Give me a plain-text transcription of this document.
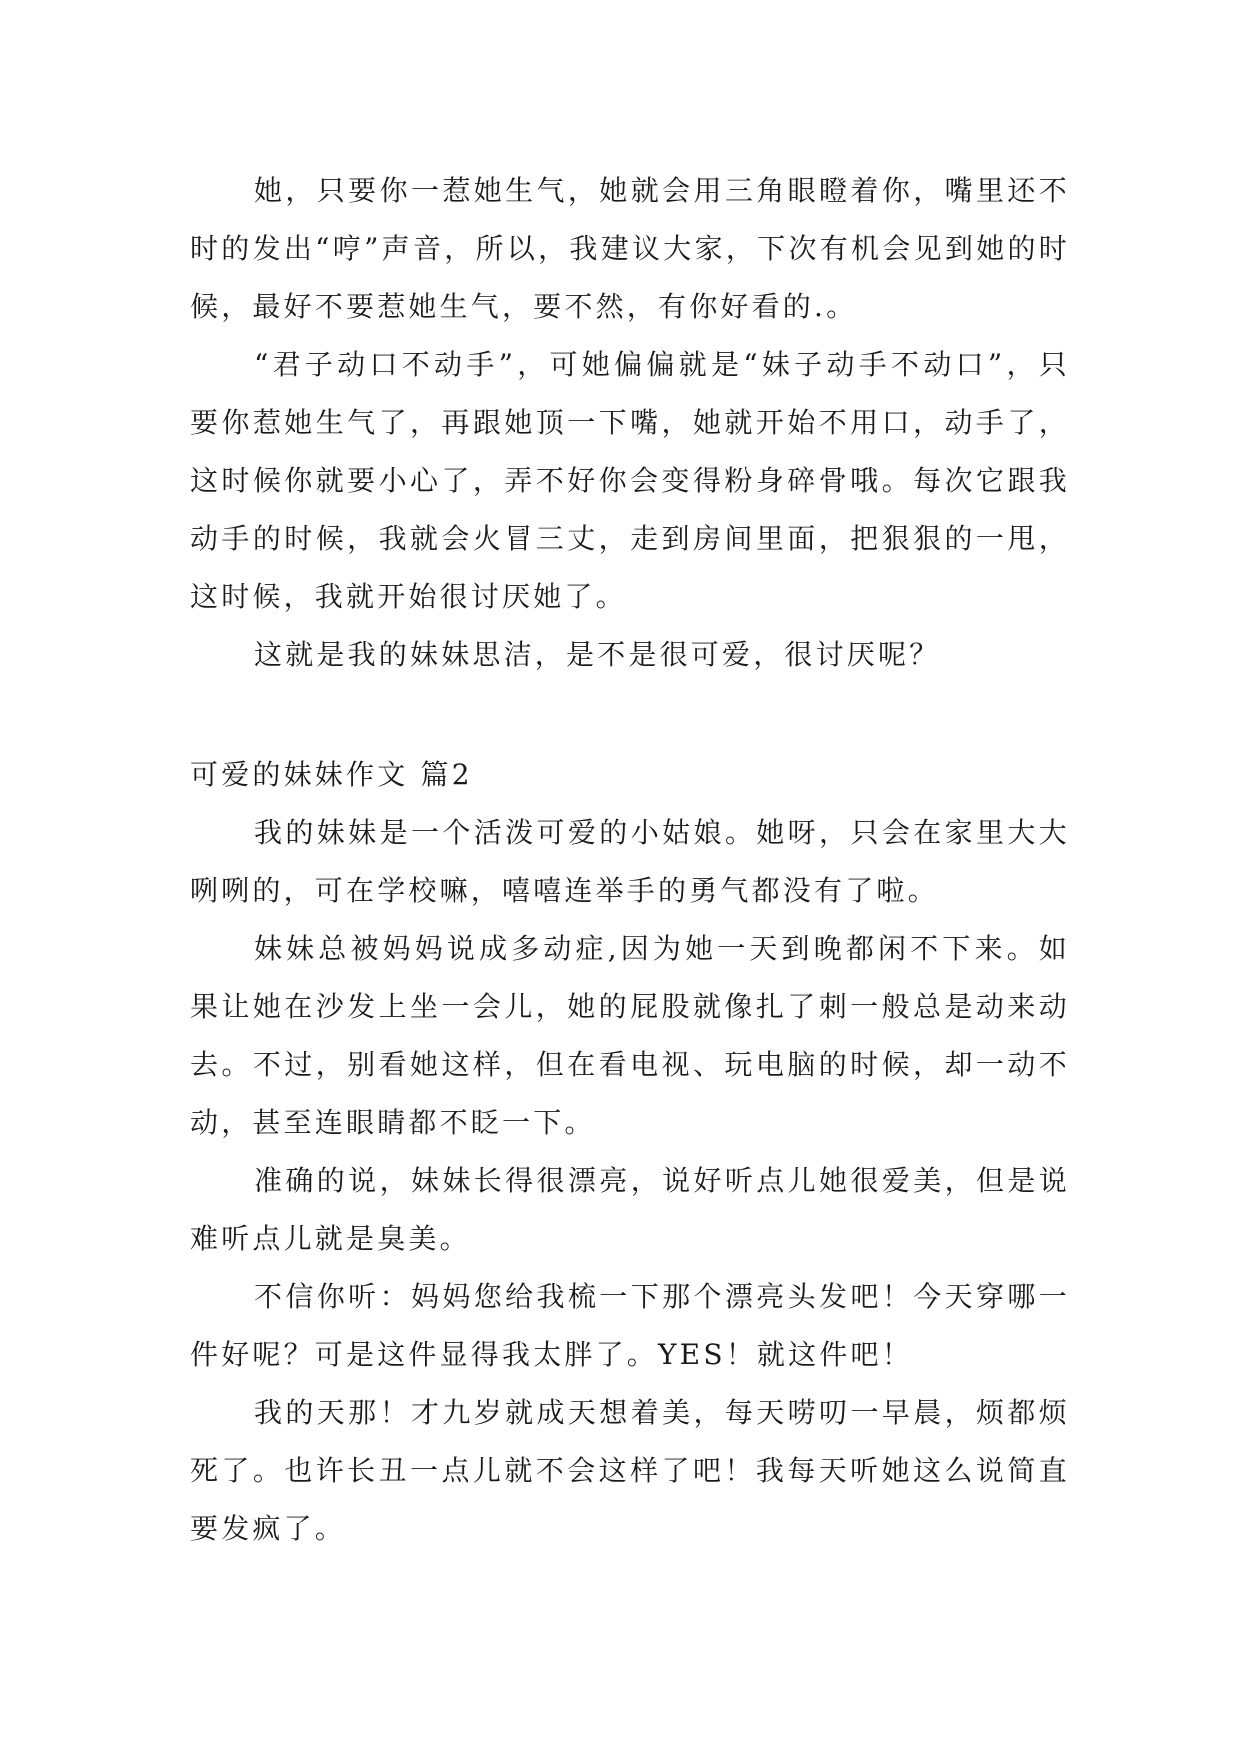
她，只要你一惹她生气，她就会用三角眼瞪着你，嘴里还不时的发出“哼”声音，所以，我建议大家，下次有机会见到她的时候，最好不要惹她生气，要不然，有你好看的.。

“君子动口不动手”，可她偏偏就是“妹子动手不动口”，只要你惹她生气了，再跟她顶一下嘴，她就开始不用口，动手了，这时候你就要小心了，弄不好你会变得粉身碎骨哦。每次它跟我动手的时候，我就会火冒三丈，走到房间里面，把狠狠的一甩，这时候，我就开始很讨厌她了。

这就是我的妹妹思洁，是不是很可爱，很讨厌呢？

可爱的妹妹作文 篇2

我的妹妹是一个活泼可爱的小姑娘。她呀，只会在家里大大咧咧的，可在学校嘛，嘻嘻连举手的勇气都没有了啦。

妹妹总被妈妈说成多动症,因为她一天到晚都闲不下来。如果让她在沙发上坐一会儿，她的屁股就像扎了刺一般总是动来动去。不过，别看她这样，但在看电视、玩电脑的时候，却一动不动，甚至连眼睛都不眨一下。

准确的说，妹妹长得很漂亮，说好听点儿她很爱美，但是说难听点儿就是臭美。

不信你听：妈妈您给我梳一下那个漂亮头发吧！今天穿哪一件好呢？可是这件显得我太胖了。YES！就这件吧！

我的天那！才九岁就成天想着美，每天唠叨一早晨，烦都烦死了。也许长丑一点儿就不会这样了吧！我每天听她这么说简直要发疯了。
